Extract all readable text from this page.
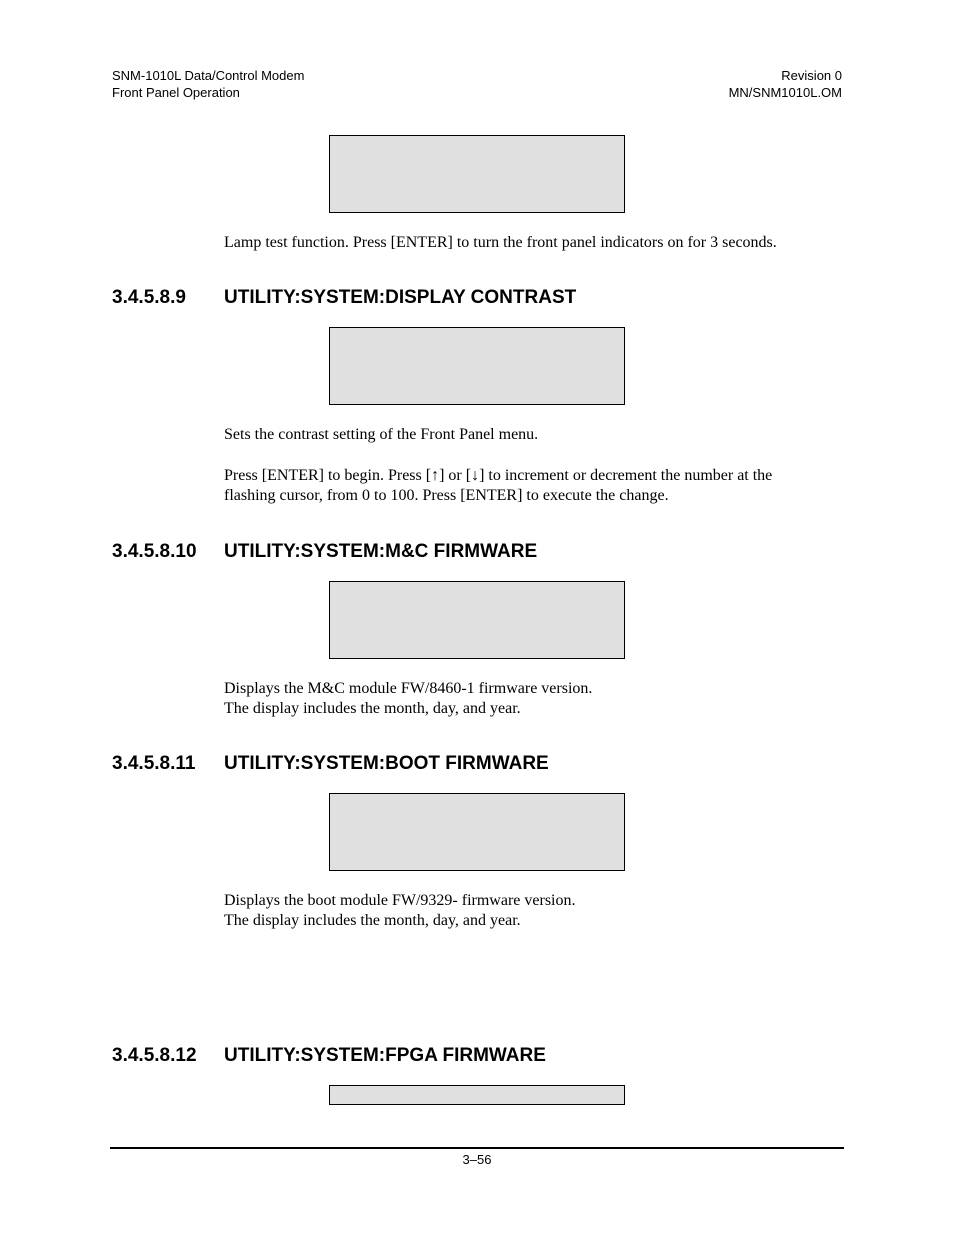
SNM-1010L Data/Control Modem
Front Panel Operation
Revision 0
MN/SNM1010L.OM

Lamp test function. Press [ENTER] to turn the front panel indicators on for 3 seconds.

3.4.5.8.9 UTILITY:SYSTEM:DISPLAY CONTRAST

Sets the contrast setting of the Front Panel menu.

Press [ENTER] to begin. Press [↑] or [↓] to increment or decrement the number at the

flashing cursor, from 0 to 100. Press [ENTER] to execute the change.

3.4.5.8.10 UTILITY:SYSTEM:M&C FIRMWARE

Displays the M&C module FW/8460-1 firmware version.

The display includes the month, day, and year.

3.4.5.8.11 UTILITY:SYSTEM:BOOT FIRMWARE

Displays the boot module FW/9329- firmware version.

The display includes the month, day, and year.

3.4.5.8.12 UTILITY:SYSTEM:FPGA FIRMWARE
3–56
